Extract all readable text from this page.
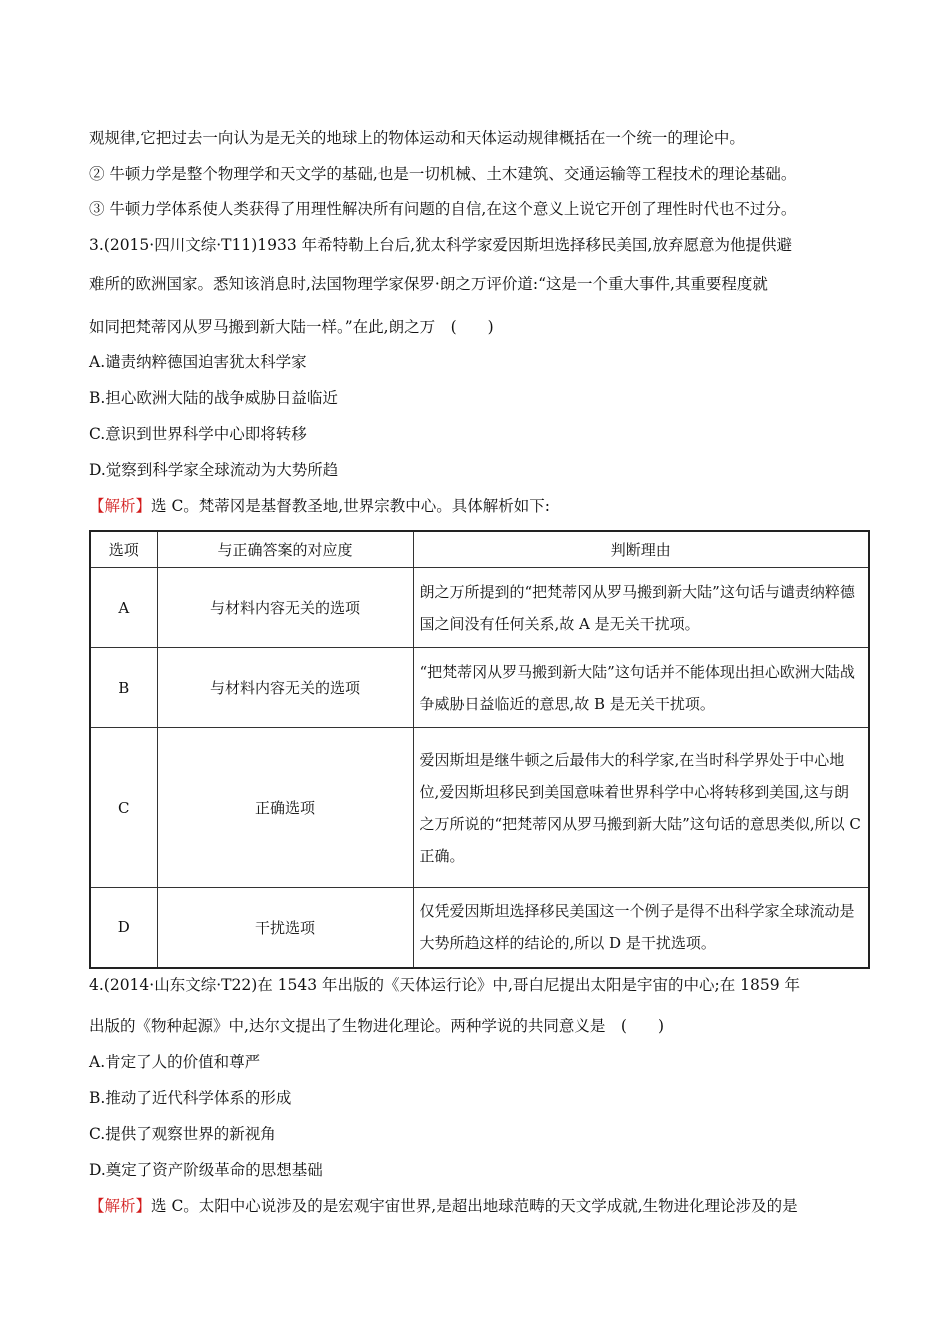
观规律,它把过去一向认为是无关的地球上的物体运动和天体运动规律概括在一个统一的理论中。
② 牛顿力学是整个物理学和天文学的基础,也是一切机械、土木建筑、交通运输等工程技术的理论基础。
③ 牛顿力学体系使人类获得了用理性解决所有问题的自信,在这个意义上说它开创了理性时代也不过分。
3.(2015·四川文综·T11)1933 年希特勒上台后,犹太科学家爱因斯坦选择移民美国,放弃愿意为他提供避
难所的欧洲国家。悉知该消息时,法国物理学家保罗·朗之万评价道:“这是一个重大事件,其重要程度就
如同把梵蒂冈从罗马搬到新大陆一样。”在此,朗之万　(　　)
A.谴责纳粹德国迫害犹太科学家
B.担心欧洲大陆的战争威胁日益临近
C.意识到世界科学中心即将转移
D.觉察到科学家全球流动为大势所趋
【解析】选 C。梵蒂冈是基督教圣地,世界宗教中心。具体解析如下:
选项	与正确答案的对应度	判断理由
A	与材料内容无关的选项	朗之万所提到的“把梵蒂冈从罗马搬到新大陆”这句话与谴责纳粹德国之间没有任何关系,故 A 是无关干扰项。
B	与材料内容无关的选项	“把梵蒂冈从罗马搬到新大陆”这句话并不能体现出担心欧洲大陆战争威胁日益临近的意思,故 B 是无关干扰项。
C	正确选项	爱因斯坦是继牛顿之后最伟大的科学家,在当时科学界处于中心地位,爱因斯坦移民到美国意味着世界科学中心将转移到美国,这与朗之万所说的“把梵蒂冈从罗马搬到新大陆”这句话的意思类似,所以 C 正确。
D	干扰选项	仅凭爱因斯坦选择移民美国这一个例子是得不出科学家全球流动是大势所趋这样的结论的,所以 D 是干扰选项。
4.(2014·山东文综·T22)在 1543 年出版的《天体运行论》中,哥白尼提出太阳是宇宙的中心;在 1859 年
出版的《物种起源》中,达尔文提出了生物进化理论。两种学说的共同意义是　(　　)
A.肯定了人的价值和尊严
B.推动了近代科学体系的形成
C.提供了观察世界的新视角
D.奠定了资产阶级革命的思想基础
【解析】选 C。太阳中心说涉及的是宏观宇宙世界,是超出地球范畴的天文学成就,生物进化理论涉及的是
